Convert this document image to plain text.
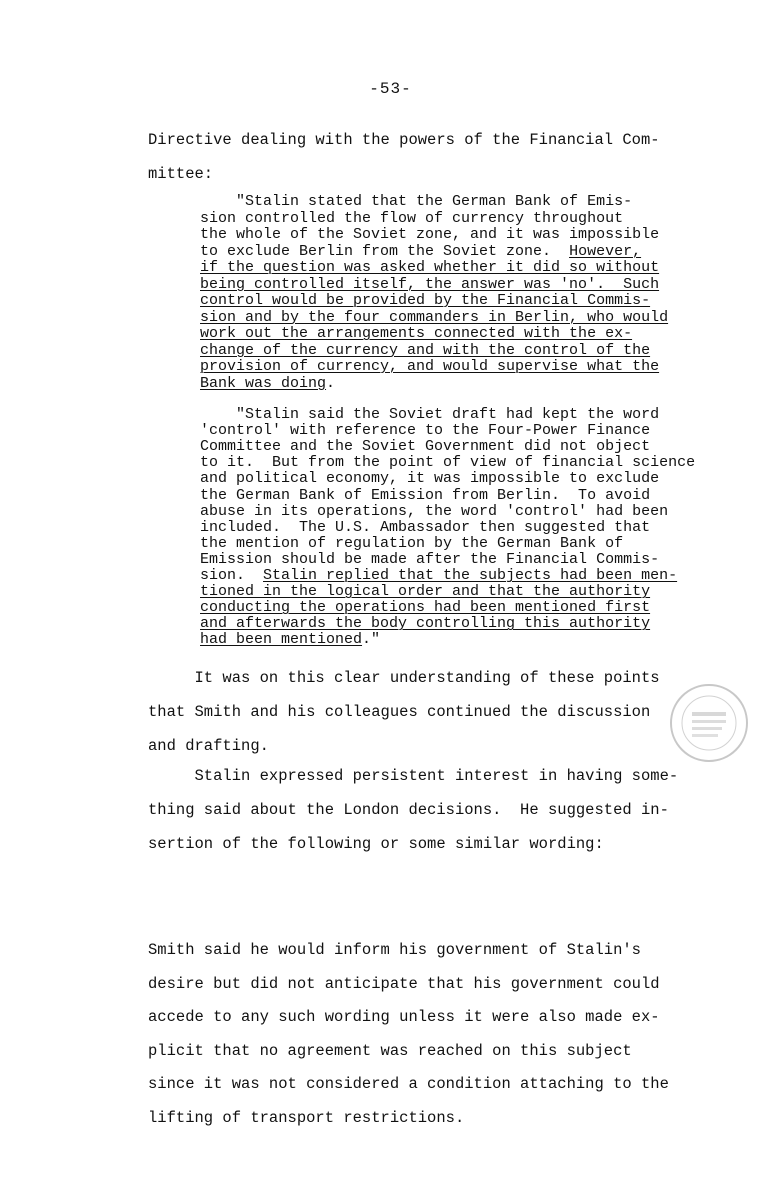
-53-
Directive dealing with the powers of the Financial Com-
mittee:
"Stalin stated that the German Bank of Emis-
sion controlled the flow of currency throughout
the whole of the Soviet zone, and it was impossible
to exclude Berlin from the Soviet zone.  However,
if the question was asked whether it did so without
being controlled itself, the answer was 'no'.  Such
control would be provided by the Financial Commis-
sion and by the four commanders in Berlin, who would
work out the arrangements connected with the ex-
change of the currency and with the control of the
provision of currency, and would supervise what the
Bank was doing.
"Stalin said the Soviet draft had kept the word
'control' with reference to the Four-Power Finance
Committee and the Soviet Government did not object
to it.  But from the point of view of financial science
and political economy, it was impossible to exclude
the German Bank of Emission from Berlin.  To avoid
abuse in its operations, the word 'control' had been
included.  The U.S. Ambassador then suggested that
the mention of regulation by the German Bank of
Emission should be made after the Financial Commis-
sion.  Stalin replied that the subjects had been men-
tioned in the logical order and that the authority
conducting the operations had been mentioned first
and afterwards the body controlling this authority
had been mentioned."
It was on this clear understanding of these points
that Smith and his colleagues continued the discussion
and drafting.
Stalin expressed persistent interest in having some-
thing said about the London decisions.  He suggested in-
sertion of the following or some similar wording:
Smith said he would inform his government of Stalin's
desire but did not anticipate that his government could
accede to any such wording unless it were also made ex-
plicit that no agreement was reached on this subject
since it was not considered a condition attaching to the
lifting of transport restrictions.
